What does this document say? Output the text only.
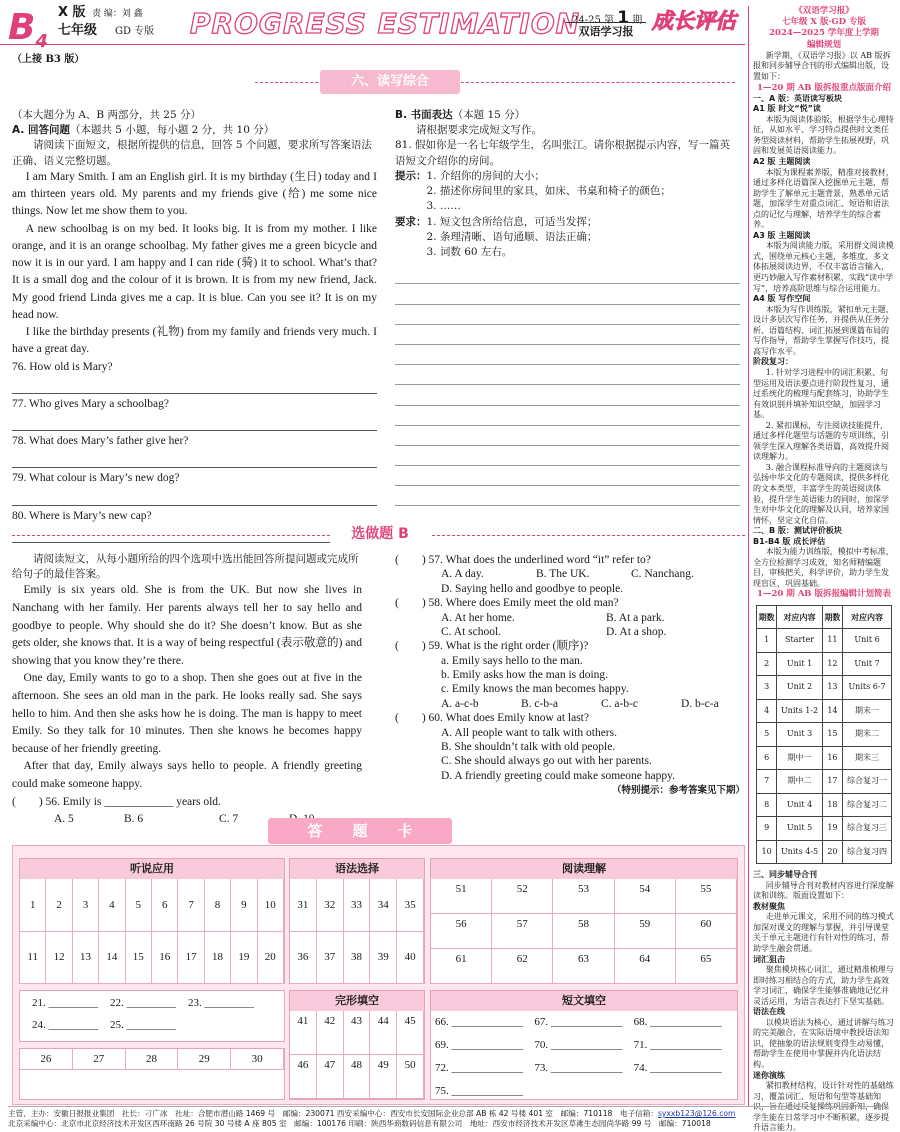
$B_4$
X 版 责 编：刘 鑫
七年级 GD 专版 PROGRESS ESTIMATION
24-25 第 1 期
双语学习报 成长评估
（上接 B3 版）
六、读写综合
（本大题分为 A、B 两部分，共 25 分）
A. 回答问题（本题共 5 小题，每小题 2 分，共 10 分）
请阅读下面短文，根据所提供的信息，回答 5 个问题，要求所写答案语法正确、语义完整切题。

I am Mary Smith. I am an English girl. It is my birthday (生日) today and I am thirteen years old. My parents and my friends give (给) me some nice things. Now let me show them to you.

A new schoolbag is on my bed. It looks big. It is from my mother. I like orange, and it is an orange schoolbag. My father gives me a green bicycle and now it is in our yard. I am happy and I can ride (骑) it to school. What’s that? It is a small dog and the colour of it is brown. It is from my new friend, Jack. My good friend Linda gives me a cap. It is blue. Can you see it? It is on my head now.

I like the birthday presents (礼物) from my family and friends very much. I have a great day.

76. How old is Mary?
77. Who gives Mary a schoolbag?
78. What does Mary’s father give her?
79. What colour is Mary’s new dog?
80. Where is Mary’s new cap?
B. 书面表达（本题 15 分）
请根据要求完成短文写作。
81. 假如你是一名七年级学生，名叫张江。请你根据提示内容，写一篇英语短文介绍你的房间。
提示： 1. 介绍你的房间的大小；
2. 描述你房间里的家具，如床、书桌和椅子的颜色；
3. ……
要求： 1. 短文包含所给信息，可适当发挥；
2. 条理清晰、语句通顺、语法正确；
3. 词数 60 左右。
选做题 B
请阅读短文，从每小题所给的四个选项中选出能回答所提问题或完成所给句子的最佳答案。

Emily is six years old. She is from the UK. But now she lives in Nanchang with her family. Her parents always tell her to say hello and goodbye to people. Why should she do it? She doesn’t know. But as she gets older, she knows that. It is a way of being respectful (表示敬意的) and showing that you know they’re there.

One day, Emily wants to go to a shop. Then she goes out at five in the afternoon. She sees an old man in the park. He looks really sad. She says hello to him. And then she asks how he is doing. The man is happy to meet Emily. So they talk for 10 minutes. Then she knows he becomes happy because of her friendly greeting.

After that day, Emily always says hello to people. A friendly greeting could make someone happy.

(　　) 56. Emily is ____________ years old.
A. 5	B. 6	C. 7
(　　) 57. What does the underlined word “it” refer to?
A. A day.	B. The UK.	C. Nanchang.
D. Saying hello and goodbye to people.
(　　) 58. Where does Emily meet the old man?
A. At her home.	B. At a park.
C. At school.	D. At a shop.
(　　) 59. What is the right order (顺序)?
a. Emily says hello to the man.
b. Emily asks how the man is doing.
c. Emily knows the man becomes happy.
A. a-c-b	B. c-b-a	C. a-b-c	D. b-c-a
(　　) 60. What does Emily know at last?
A. All people want to talk with others.
B. She shouldn’t talk with old people.
C. She should always go out with her parents.
D. A friendly greeting could make someone happy.
（特别提示：参考答案见下期）
答　　题　　卡
听说应用
1	2	3	4	5	6	7	8	9	10
11	12	13	14	15	16	17	18	19	20
语法选择
31	32	33	34	35
36	37	38	39	40
阅读理解
51	52	53	54	55
56	57	58	59	60
61	62	63	64	65
21. _________ 22. _________ 23. _________
24. _________ 25. _________
26	27	28	29	30
完形填空
41	42	43	44	45
46	47	48	49	50
短文填空
66. _____________	67. _____________	68. _____________
69. _____________	70. _____________	71. _____________
72. _____________	73. _____________	74. _____________
75. _____________
《双语学习报》
七年级 X 版·GD 专版
2024—2025 学年度上学期
编辑规划
新学期，《双语学习报》以 AB 版拆报和同步辅导合刊的形式编辑出版，设置如下：
1—20 期 AB 版拆报重点版面介绍
一、A 版：英语读写板块
A1 版 时文“悦”读
本版为阅读体验版，根据学生心理特征，从如水平、学习特点提供时文类任务型阅读材料，帮助学生拓展视野，巩固和发展英语阅读能力。
A2 版 主题阅读
本版为课程素养版，精准对接教材，通过多样化语篇深入挖掘单元主题，帮助学生了解单元主题背景，熟悉单元话题，加深学生对重点词汇、短语和语法点的记忆与理解，培养学生的综合素养。
A3 版 主题阅读
本版为阅读能力版，采用群文阅读模式，围绕单元核心主题，多维度、多文体拓展阅读边界，不仅丰富语言输入，更巧妙融入写作素材积累，实践“读中学写”，培养高阶思维与综合运用能力。
A4 版 写作空间
本版为写作训练版，紧扣单元主题，设计多层次写作任务，并提供从任务分析、语篇结构、词汇拓展到课篇布局的写作指导，帮助学生掌握写作技巧，提高写作水平。
阶段复习：
1. 针对学习进程中的词汇积累、句型运用及语法要点进行阶段性复习，通过系统化的梳理与配套练习，协助学生有效识别并填补知识空缺，加固学习基。
2. 紧扣课标，专注阅读技能提升，通过多样化题型与话题的专项训练，引领学生深入理解各类语篇，高效提升阅读理解力。
3. 融合课程标准导向的主题阅读与弘扬中华文化的专题阅读，提供多样化的文本类型，丰富学生的英语阅读体验，提升学生英语能力的同时，加深学生对中华文化的理解及认同，培养家国情怀，坚定文化自信。
二、B 版：测试评价板块
B1-B4 版 成长评估
本版为能力训练版，模拟中考标准，全方位检测学习成效，知名师精编题目，审核把关，科学评价，助力学生发现盲区，巩固基础。
1—20 期 AB 版拆报编辑计划简表
期数	对应内容	期数	对应内容
1	Starter	11	Unit 6
2	Unit 1	12	Unit 7
3	Unit 2	13	Units 6-7
4	Units 1-2	14	期末一
5	Unit 3	15	期末二
6	期中一	16	期末三
7	期中二	17	综合复习一
8	Unit 4	18	综合复习二
9	Unit 5	19	综合复习三
10	Units 4-5	20	综合复习四
三、同步辅导合刊
同步辅导合刊对教材内容进行深度解读和训练。版面设置如下：
教材聚焦
走进单元课文，采用不同的练习模式加深对课文的理解与掌握，并引导课堂关于单元主题进行有针对性的练习，帮助学生融会贯通。
词汇狙击
聚焦模块核心词汇，通过精准梳理与即时练习相结合的方式，助力学生高效学习词汇，确保学生能够准确地记忆并灵活运用，为语言表达打下坚实基础。
语法在线
以模块语法为核心，通过讲解与练习的完美融合，在实际语境中教授语法知识，使抽象的语法规则变得生动易懂，帮助学生在使用中掌握并内化语法结构。
迷你演练
紧扣教材结构，设计针对性的基础练习，覆盖词汇、短语和句型等基础知识，旨在通过反复操练巩固新知，确保学生能在日常学习中不断积累，逐步提升语言能力。
主管、主办：安徽日报报业集团　社长：刁广冰　社址：合肥市潜山路 1469 号　邮编：230071 西安采编中心：西安市长安国际企业总部 AB 栋 42 号楼 401 室　邮编：710118　电子信箱：syxxb123@126.com
北京采编中心：北京市北京经济技术开发区西环南路 26 号院 30 号楼 A 座 805 室　邮编：100176 印刷：陕西华商数码信息有限公司　地址：西安市经济技术开发区草滩生态园尚华路 99 号　邮编：710018
